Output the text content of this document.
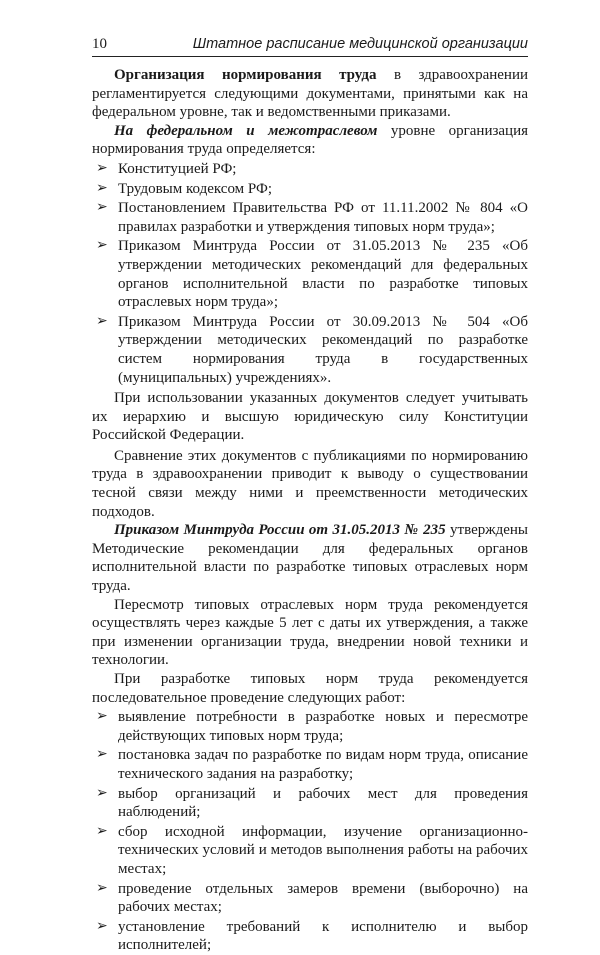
10	Штатное расписание медицинской организации

Организация нормирования труда в здравоохранении регламентируется следующими документами, принятыми как на федеральном уровне, так и ведомственными приказами.

На федеральном и межотраслевом уровне организация нормирования труда определяется:

➢ Конституцией РФ;
➢ Трудовым кодексом РФ;
➢ Постановлением Правительства РФ от 11.11.2002 № 804 «О правилах разработки и утверждения типовых норм труда»;
➢ Приказом Минтруда России от 31.05.2013 № 235 «Об утверждении методических рекомендаций для федеральных органов исполнительной власти по разработке типовых отраслевых норм труда»;
➢ Приказом Минтруда России от 30.09.2013 № 504 «Об утверждении методических рекомендаций по разработке систем нормирования труда в государственных (муниципальных) учреждениях».

При использовании указанных документов следует учитывать их иерархию и высшую юридическую силу Конституции Российской Федерации.

Сравнение этих документов с публикациями по нормированию труда в здравоохранении приводит к выводу о существовании тесной связи между ними и преемственности методических подходов.

Приказом Минтруда России от 31.05.2013 № 235 утверждены Методические рекомендации для федеральных органов исполнительной власти по разработке типовых отраслевых норм труда.

Пересмотр типовых отраслевых норм труда рекомендуется осуществлять через каждые 5 лет с даты их утверждения, а также при изменении организации труда, внедрении новой техники и технологии.

При разработке типовых норм труда рекомендуется последовательное проведение следующих работ:

➢ выявление потребности в разработке новых и пересмотре действующих типовых норм труда;
➢ постановка задач по разработке по видам норм труда, описание технического задания на разработку;
➢ выбор организаций и рабочих мест для проведения наблюдений;
➢ сбор исходной информации, изучение организационно-технических условий и методов выполнения работы на рабочих местах;
➢ проведение отдельных замеров времени (выборочно) на рабочих местах;
➢ установление требований к исполнителю и выбор исполнителей;
